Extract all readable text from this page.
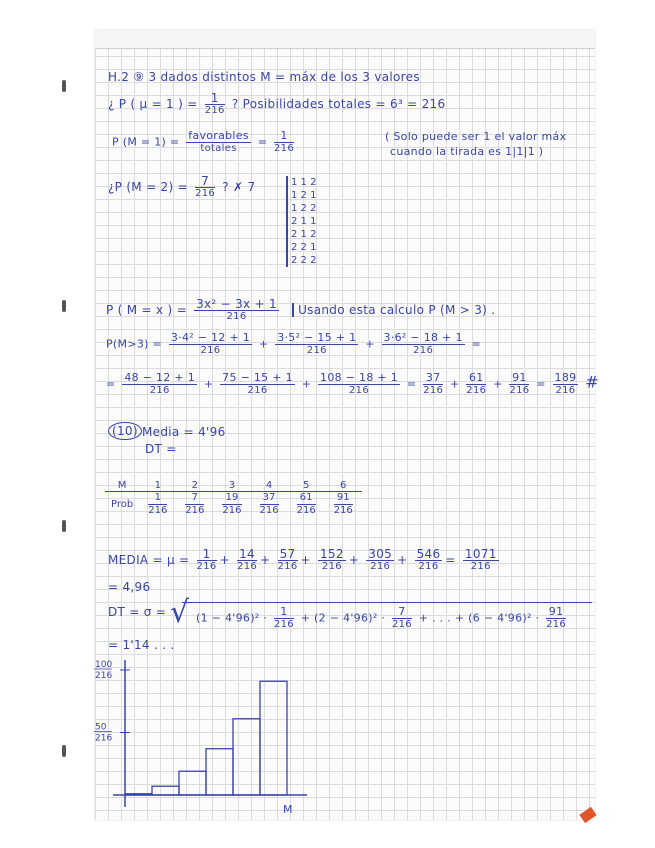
H.2 ⑨ 3 dados distintos M = máx de los 3 valores
¿ P ( μ = 1 ) = $\frac{1}{216}$ ? Posibilidades totales = 6³ = 216
P $(M = 1) = \frac{\text{favorables}}{\text{totales}} = \frac{1}{216}$	( Solo puede ser 1 el valor máx
cuando la tirada es 1|1|1 )
¿P $(M = 2) = \frac{7}{216}$ ? ✗ 7	1 1 2
1 2 1
1 2 2
2 1 1
2 1 2
2 2 1
2 2 2
P ( M = x ) = $\frac{\text{3x² − 3x + 1}}{216}$ Usando esta calculo P (M > 3) .
$P(M>3) = \frac{\text{3·4² − 12 + 1}}{216} + \frac{\text{3·5² − 15 + 1}}{216} + \frac{\text{3·6² − 18 + 1}}{216}$ =
= $\frac{48 - 12 + 1}{216} + \frac{75 - 15 + 1}{216} + \frac{108 - 18 + 1}{216} = \frac{37}{216} + \frac{61}{216} + \frac{91}{216} = \frac{189}{216}$ #
(10) Media = 4'96
DT =
M	1	2	3	4	5	6
Prob	$\frac{1}{216}$	$\frac{7}{216}$	$\frac{19}{216}$	$\frac{37}{216}$	$\frac{61}{216}$	$\frac{91}{216}$
MEDIA = $\mu = \frac{1}{216} + \frac{14}{216} + \frac{57}{216} + \frac{152}{216} + \frac{305}{216} + \frac{546}{216} = \frac{1071}{216}$
= 4,96
DT = σ = √ $(1 - 4'96)^2 \cdot \frac{1}{216} + (2 - 4'96)^2 \cdot \frac{7}{216}$ + . . . + $(6 - 4'96)^2 \cdot \frac{91}{216}$
= 1'14 . . .
100
216
50
216
M
